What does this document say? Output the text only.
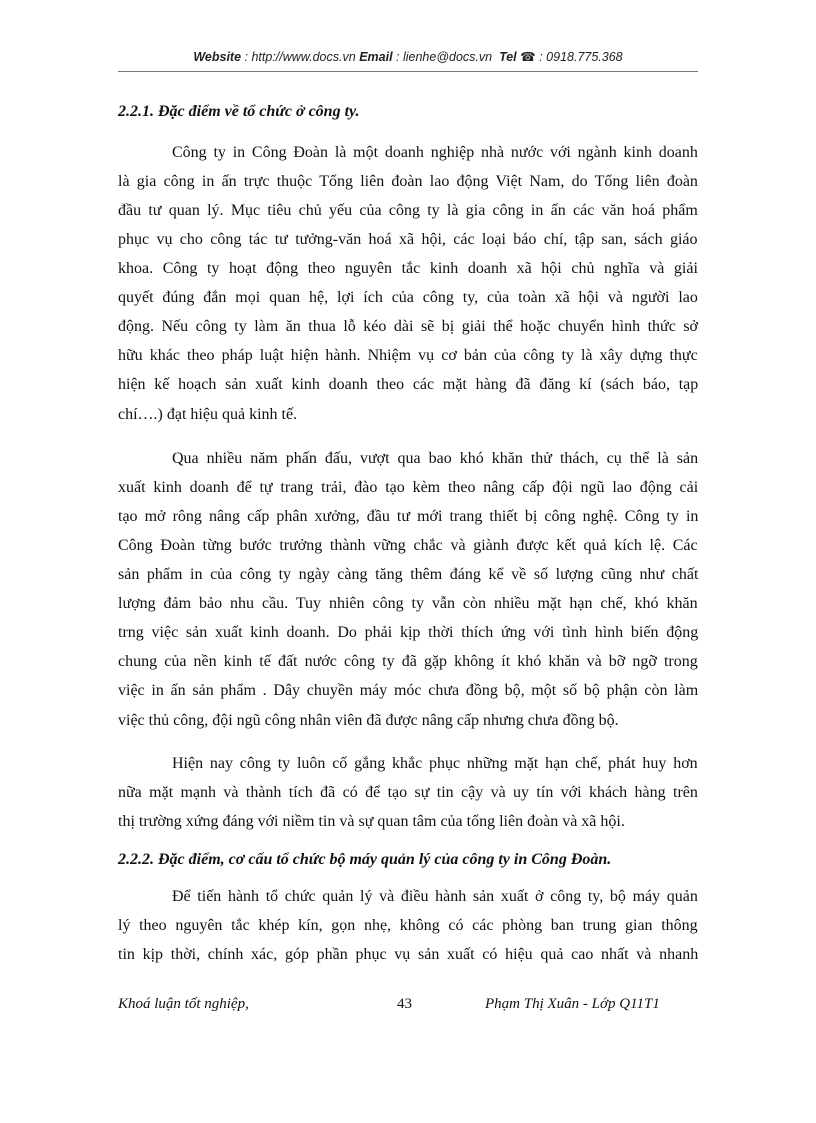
Website : http://www.docs.vn Email : lienhe@docs.vn Tel ☎ : 0918.775.368
2.2.1. Đặc điểm về tổ chức ở công ty.
Công ty in Công Đoàn là một doanh nghiệp nhà nước với ngành kinh doanh
là gia công in ấn trực thuộc Tổng liên đoàn lao động Việt Nam, do Tổng liên đoàn
đầu tư quan lý. Mục tiêu chủ yếu của công ty là gia công in ấn các văn hoá phẩm
phục vụ cho công tác tư tưởng-văn hoá xã hội, các loại báo chí, tập san, sách giáo
khoa. Công ty hoạt động theo nguyên tắc kinh doanh xã hội chủ nghĩa và giải
quyết đúng đắn mọi quan hệ, lợi ích của công ty, của toàn xã hội và người lao
động. Nếu công ty làm ăn thua lỗ kéo dài sẽ bị giải thể hoặc chuyển hình thức sở
hữu khác theo pháp luật hiện hành. Nhiệm vụ cơ bản của công ty là xây dựng thực
hiện kế hoạch sản xuất kinh doanh theo các mặt hàng đã đăng kí (sách báo, tạp
chí….) đạt hiệu quả kinh tế.
Qua nhiều năm phấn đấu, vượt qua bao khó khăn thử thách, cụ thể là sản
xuất kinh doanh để tự trang trải, đào tạo kèm theo nâng cấp đội ngũ lao động cải
tạo mở rông nâng cấp phân xưởng, đầu tư mới trang thiết bị công nghệ. Công ty in
Công Đoàn từng bước trưởng thành vững chắc và giành được kết quả kích lệ. Các
sản phẩm in của công ty ngày càng tăng thêm đáng kể về số lượng cũng như chất
lượng đảm bảo nhu cầu. Tuy nhiên công ty vẫn còn nhiều mặt hạn chế, khó khăn
trng việc sản xuất kinh doanh. Do phải kịp thời thích ứng với tình hình biến động
chung của nền kinh tế đất nước công ty đã gặp không ít khó khăn và bỡ ngỡ trong
việc in ấn sản phẩm . Dây chuyền máy móc chưa đồng bộ, một số bộ phận còn làm
việc thủ công, đội ngũ công nhân viên đã được nâng cấp nhưng chưa đồng bộ.
Hiện nay công ty luôn cố gắng khắc phục những mặt hạn chế, phát huy hơn
nữa mặt mạnh và thành tích đã có để tạo sự tin cậy và uy tín với khách hàng trên
thị trường xứng đáng với niềm tin và sự quan tâm của tổng liên đoàn và xã hội.
2.2.2. Đặc điểm, cơ cấu tổ chức bộ máy quản lý của công ty in Công Đoàn.
Để tiến hành tổ chức quản lý và điều hành sản xuất ở công ty, bộ máy quản
lý theo nguyên tắc khép kín, gọn nhẹ, không có các phòng ban trung gian thông
tin kịp thời, chính xác, góp phần phục vụ sản xuất có hiệu quả cao nhất và nhanh
Khoá luận tốt nghiệp,	43	Phạm Thị Xuân - Lớp Q11T1
